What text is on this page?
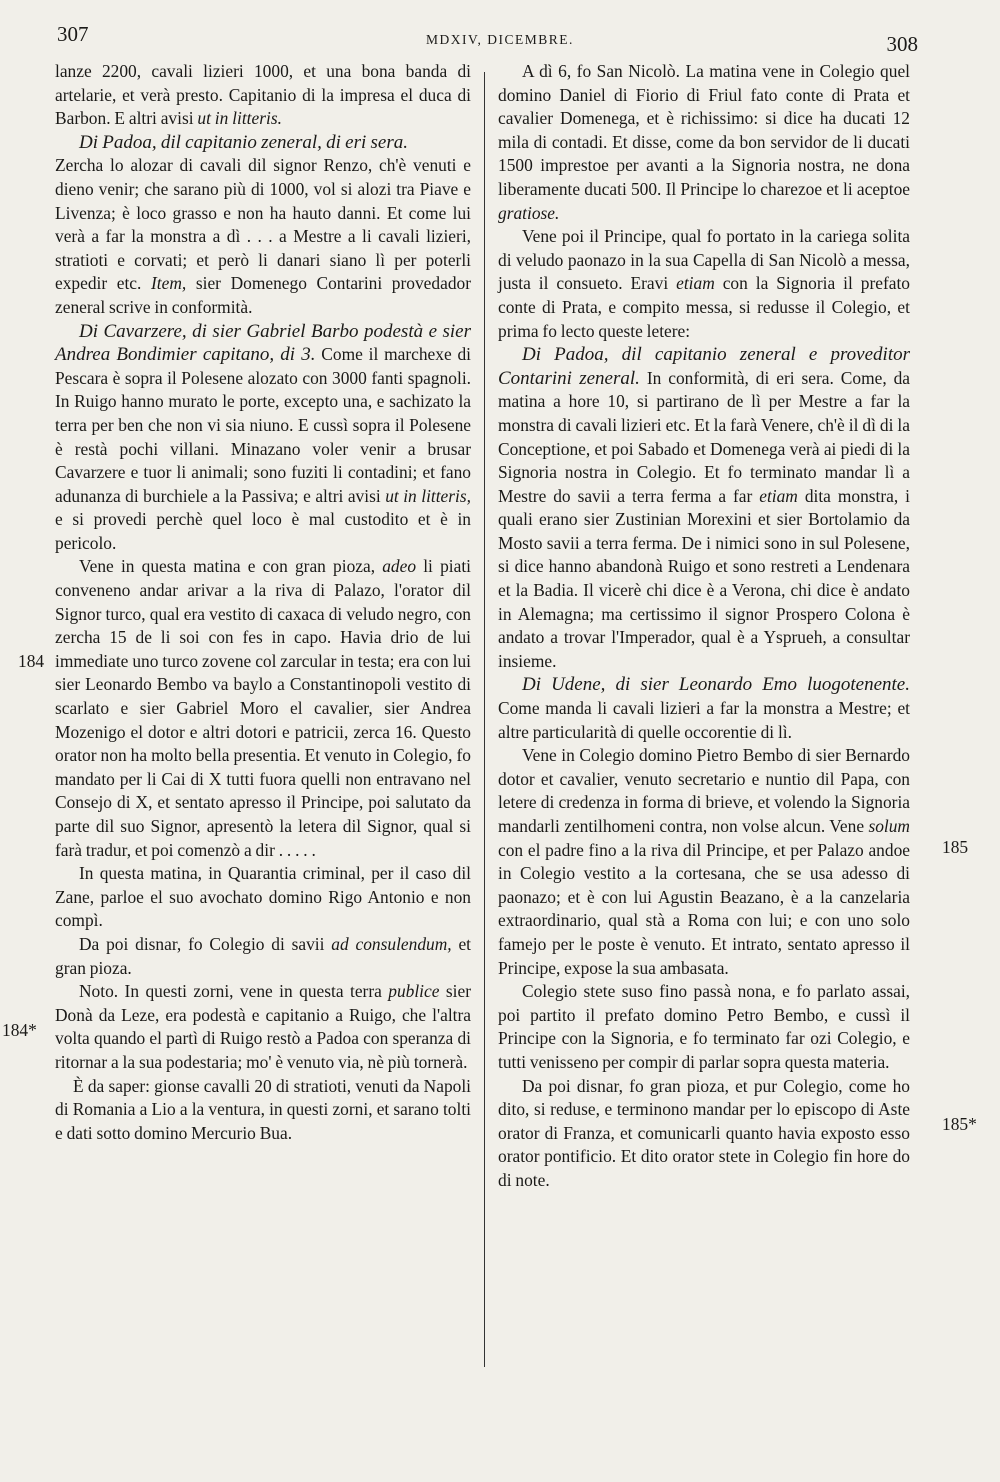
307	MDXIV, DICEMBRE.	308
184
184*
185
185*

lanze 2200, cavali lizieri 1000, et una bona banda di artelarie, et verà presto. Capitanio di la impresa el duca di Barbon. E altri avisi ut in litteris.

Di Padoa, dil capitanio zeneral, di eri sera.

Zercha lo alozar di cavali dil signor Renzo, ch'è venuti e dieno venir; che sarano più di 1000, vol si alozi tra Piave e Livenza; è loco grasso e non ha hauto danni. Et come lui verà a far la monstra a dì . . . a Mestre a li cavali lizieri, stratioti e corvati; et però li danari siano lì per poterli expedir etc. Item, sier Domenego Contarini provedador zeneral scrive in conformità.

Di Cavarzere, di sier Gabriel Barbo podestà e sier Andrea Bondimier capitano, di 3. Come il marchexe di Pescara è sopra il Polesene alozato con 3000 fanti spagnoli. In Ruigo hanno murato le porte, excepto una, e sachizato la terra per ben che non vi sia niuno. E cussì sopra il Polesene è restà pochi villani. Minazano voler venir a brusar Cavarzere e tuor li animali; sono fuziti li contadini; et fano adunanza di burchiele a la Passiva; e altri avisi ut in litteris, e si provedi perchè quel loco è mal custodito et è in pericolo.

Vene in questa matina e con gran pioza, adeo li piati conveneno andar arivar a la riva di Palazo, l'orator dil Signor turco, qual era vestito di caxaca di veludo negro, con zercha 15 de li soi con fes in capo. Havia drio de lui immediate uno turco zovene col zarcular in testa; era con lui sier Leonardo Bembo va baylo a Constantinopoli vestito di scarlato e sier Gabriel Moro el cavalier, sier Andrea Mozenigo el dotor e altri dotori e patricii, zerca 16. Questo orator non ha molto bella presentia. Et venuto in Colegio, fo mandato per li Cai di X tutti fuora quelli non entravano nel Consejo di X, et sentato apresso il Principe, poi salutato da parte dil suo Signor, apresentò la letera dil Signor, qual si farà tradur, et poi comenzò a dir . . . . .

In questa matina, in Quarantia criminal, per il caso dil Zane, parloe el suo avochato domino Rigo Antonio e non compì.

Da poi disnar, fo Colegio di savii ad consulendum, et gran pioza.

Noto. In questi zorni, vene in questa terra publice sier Donà da Leze, era podestà e capitanio a Ruigo, che l'altra volta quando el partì di Ruigo restò a Padoa con speranza di ritornar a la sua podestaria; mo' è venuto via, nè più tornerà.

È da saper: gionse cavalli 20 di stratioti, venuti da Napoli di Romania a Lio a la ventura, in questi zorni, et sarano tolti e dati sotto domino Mercurio Bua.

A dì 6, fo San Nicolò. La matina vene in Colegio quel domino Daniel di Fiorio di Friul fato conte di Prata et cavalier Domenega, et è richissimo: si dice ha ducati 12 mila di contadi. Et disse, come da bon servidor de li ducati 1500 imprestoe per avanti a la Signoria nostra, ne dona liberamente ducati 500. Il Principe lo charezoe et li aceptoe gratiose.

Vene poi il Principe, qual fo portato in la cariega solita di veludo paonazo in la sua Capella di San Nicolò a messa, justa il consueto. Eravi etiam con la Signoria il prefato conte di Prata, e compito messa, si redusse il Colegio, et prima fo lecto queste letere:

Di Padoa, dil capitanio zeneral e proveditor Contarini zeneral. In conformità, di eri sera. Come, da matina a hore 10, si partirano de lì per Mestre a far la monstra di cavali lizieri etc. Et la farà Venere, ch'è il dì di la Conceptione, et poi Sabado et Domenega verà ai piedi di la Signoria nostra in Colegio. Et fo terminato mandar lì a Mestre do savii a terra ferma a far etiam dita monstra, i quali erano sier Zustinian Morexini et sier Bortolamio da Mosto savii a terra ferma. De i nimici sono in sul Polesene, si dice hanno abandonà Ruigo et sono restreti a Lendenara et la Badia. Il vicerè chi dice è a Verona, chi dice è andato in Alemagna; ma certissimo il signor Prospero Colona è andato a trovar l'Imperador, qual è a Ysprueh, a consultar insieme.

Di Udene, di sier Leonardo Emo luogotenente. Come manda li cavali lizieri a far la monstra a Mestre; et altre particularità di quelle occorentie di lì.

Vene in Colegio domino Pietro Bembo di sier Bernardo dotor et cavalier, venuto secretario e nuntio dil Papa, con letere di credenza in forma di brieve, et volendo la Signoria mandarli zentilhomeni contra, non volse alcun. Vene solum con el padre fino a la riva dil Principe, et per Palazo andoe in Colegio vestito a la cortesana, che se usa adesso di paonazo; et è con lui Agustin Beazano, è a la canzelaria extraordinario, qual stà a Roma con lui; e con uno solo famejo per le poste è venuto. Et intrato, sentato apresso il Principe, expose la sua ambasata.

Colegio stete suso fino passà nona, e fo parlato assai, poi partito il prefato domino Petro Bembo, e cussì il Principe con la Signoria, e fo terminato far ozi Colegio, e tutti venisseno per compir di parlar sopra questa materia.

Da poi disnar, fo gran pioza, et pur Colegio, come ho dito, si reduse, e terminono mandar per lo episcopo di Aste orator di Franza, et comunicarli quanto havia exposto esso orator pontificio. Et dito orator stete in Colegio fin hore do di note.
